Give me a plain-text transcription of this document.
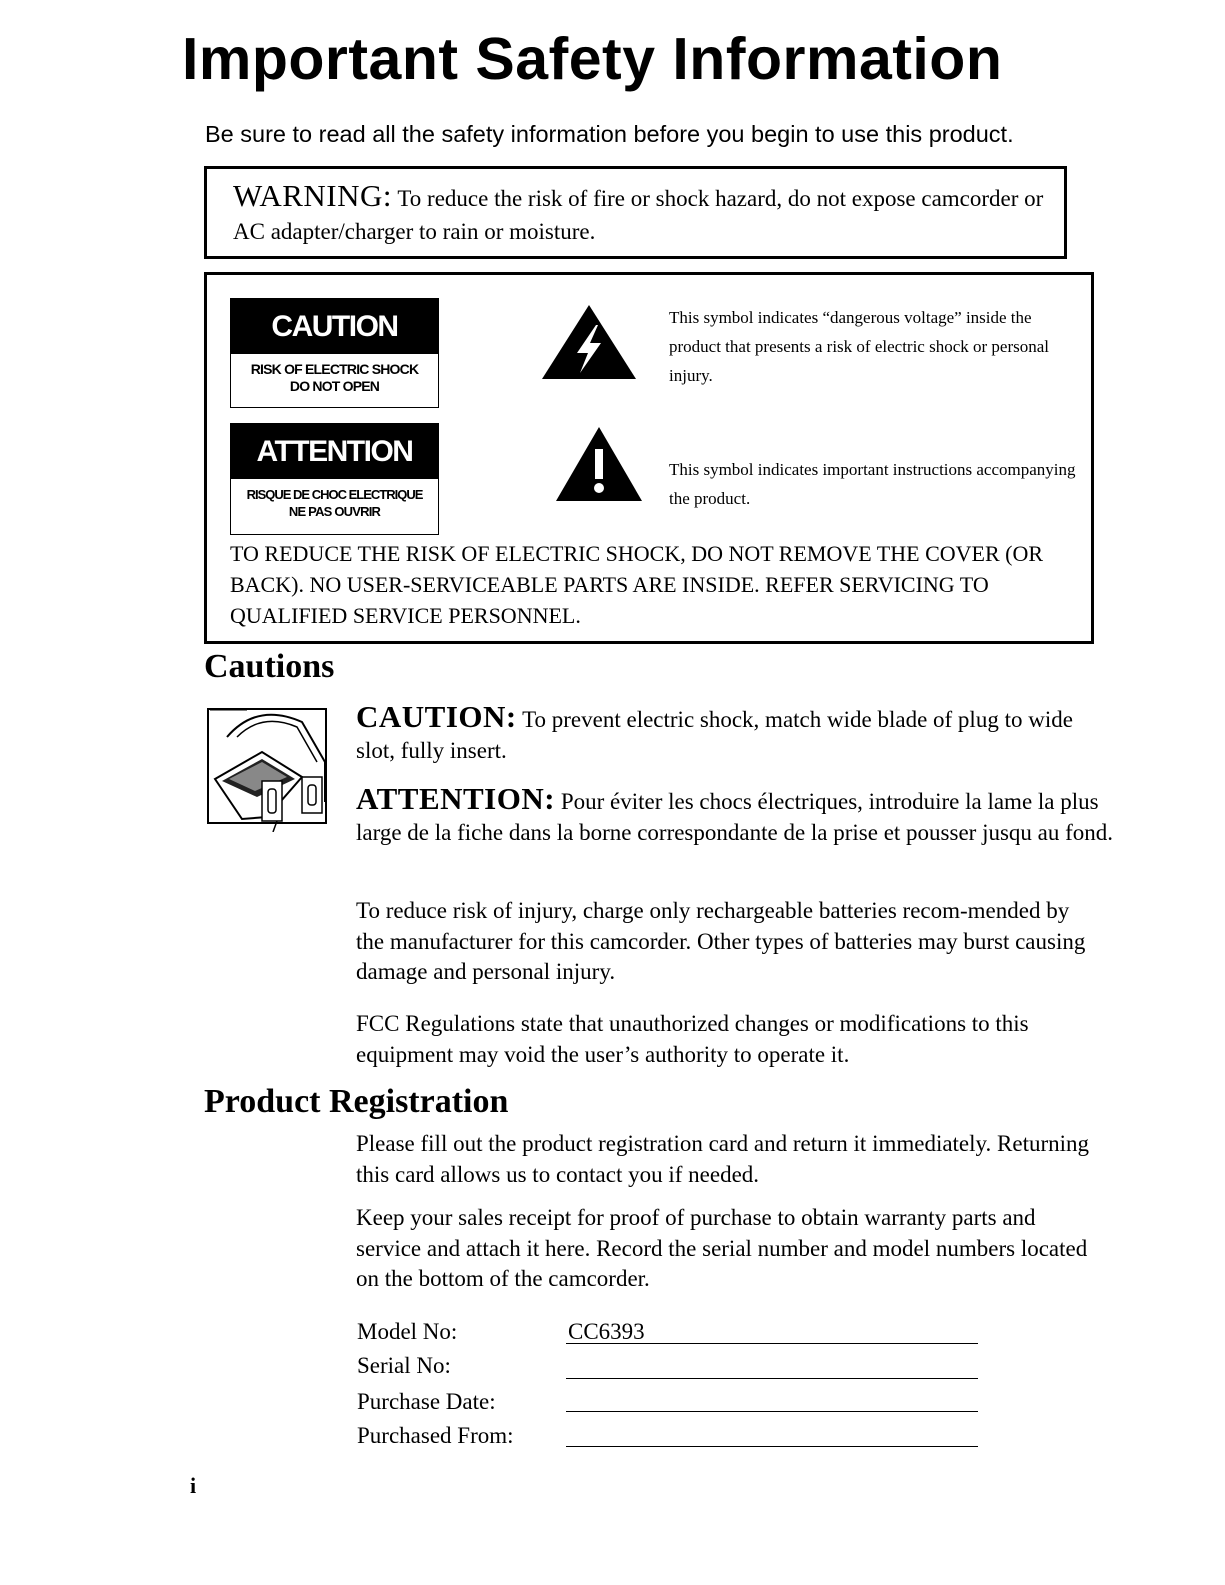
Important Safety Information
Be sure to read all the safety information before you begin to use this product.
WARNING: To reduce the risk of fire or shock hazard, do not expose camcorder or AC adapter/charger to rain or moisture.
CAUTION
RISK OF ELECTRIC SHOCK
DO NOT OPEN
This symbol indicates “dangerous voltage” inside the product that presents a risk of electric shock or personal injury.
ATTENTION
RISQUE DE CHOC ELECTRIQUE
NE PAS OUVRIR
This symbol indicates important instructions accompanying the product.
TO REDUCE THE RISK OF ELECTRIC SHOCK, DO NOT REMOVE THE COVER (OR BACK). NO USER-SERVICEABLE PARTS ARE INSIDE. REFER SERVICING TO QUALIFIED SERVICE PERSONNEL.
Cautions
CAUTION: To prevent electric shock, match wide blade of plug to wide slot, fully insert.
ATTENTION: Pour éviter les chocs électriques, introduire la lame la plus large de la fiche dans la borne correspondante de la prise et pousser jusqu au fond.
To reduce risk of injury, charge only rechargeable batteries recom-mended by the manufacturer for this camcorder. Other types of batteries may burst causing damage and personal injury.
FCC Regulations state that unauthorized changes or modifications to this equipment may void the user’s authority to operate it.
Product Registration
Please fill out the product registration card and return it immediately. Returning this card allows us to contact you if needed.
Keep your sales receipt for proof of purchase to obtain warranty parts and service and attach it here. Record the serial number and model numbers located on the bottom of the camcorder.
Model No:	CC6393
Serial No:
Purchase Date:
Purchased From:
i
